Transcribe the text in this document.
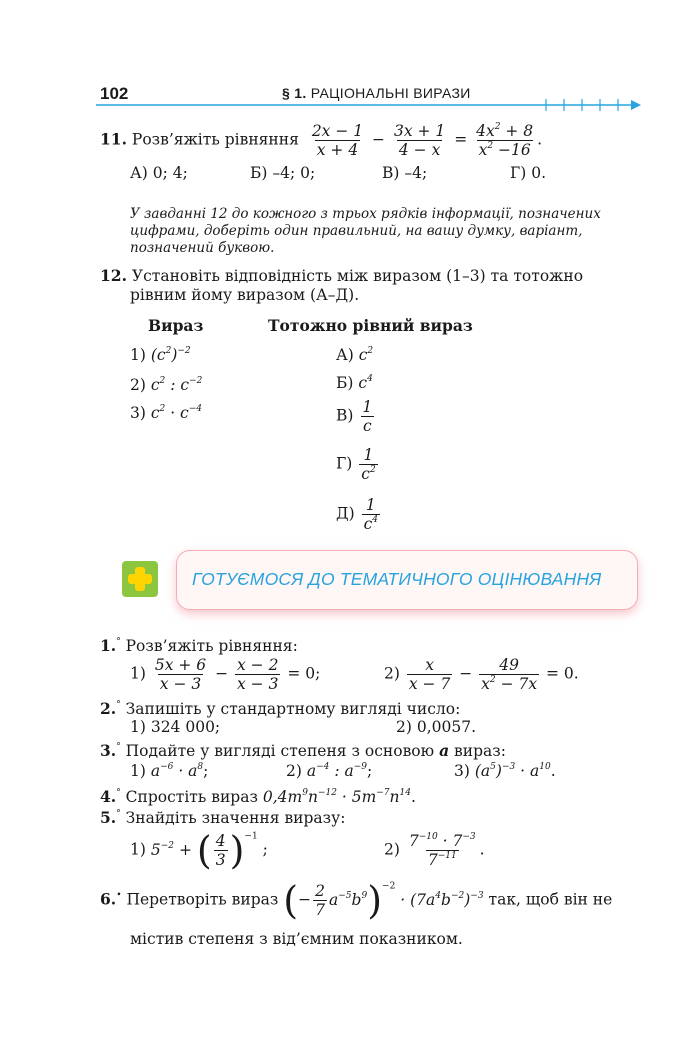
102	§ 1. РАЦІОНАЛЬНІ ВИРАЗИ
11. Розв’яжіть рівняння $\frac{2x - 1}{x + 4} - \frac{3x + 1}{4 - x} = \frac{4x^2 + 8}{x^2 -16}$ .
А) 0; 4;	Б) –4; 0;	В) –4;	Г) 0.
У завданні 12 до кожного з трьох рядків інформації, позначених цифрами, доберіть один правильний, на вашу думку, варіант, позначений буквою.
12. Установіть відповідність між виразом (1–3) та тотожно
рівним йому виразом (А–Д).
Вираз	Тотожно рівний вираз
1) $(c^2)^{-2}$
2) $c^2$ : $c^{-2}$
3) $c^2 \cdot c^{-4}$
А) $c^2$
Б) $c^4$
$В) \frac{1}{c}$
$Г) \frac{1}{c^2}$
$Д) \frac{1}{c^4}$
ГОТУЄМОСЯ ДО ТЕМАТИЧНОГО ОЦІНЮВАННЯ
1.° Розв’яжіть рівняння:
$1) \frac{5x + 6}{x - 3} - \frac{x - 2}{x - 3} = 0$;	$2) \frac{x}{x - 7} - \frac{49}{x^2 - 7x} = 0$.
2.° Запишіть у стандартному вигляді число:
1) 324 000;	2) 0,0057.
3.° Подайте у вигляді степеня з основою a вираз:
1) $a^{-6} \cdot a^8$;	2) $a^{-4}$ : $a^{-9}$;	3) $(a^5)^{-3} \cdot a^{10}$.
4.° Спростіть вираз $0,4m^9n^{-12} \cdot 5m^{-7}n^{14}$.
5.° Знайдіть значення виразу:
1) $5^{-2}$ + ( $\frac{4}{3} )^{-1}$ ;	$2) \frac{7^{-10} \cdot 7^{-3}}{7^{-11}}$ .
6.• Перетворіть вираз (− $\frac{2}{7} a^{-5}b^9)^{-2} \cdot (7a^4b^{-2})^{-3}$ так, щоб він не
містив степеня з від’ємним показником.
